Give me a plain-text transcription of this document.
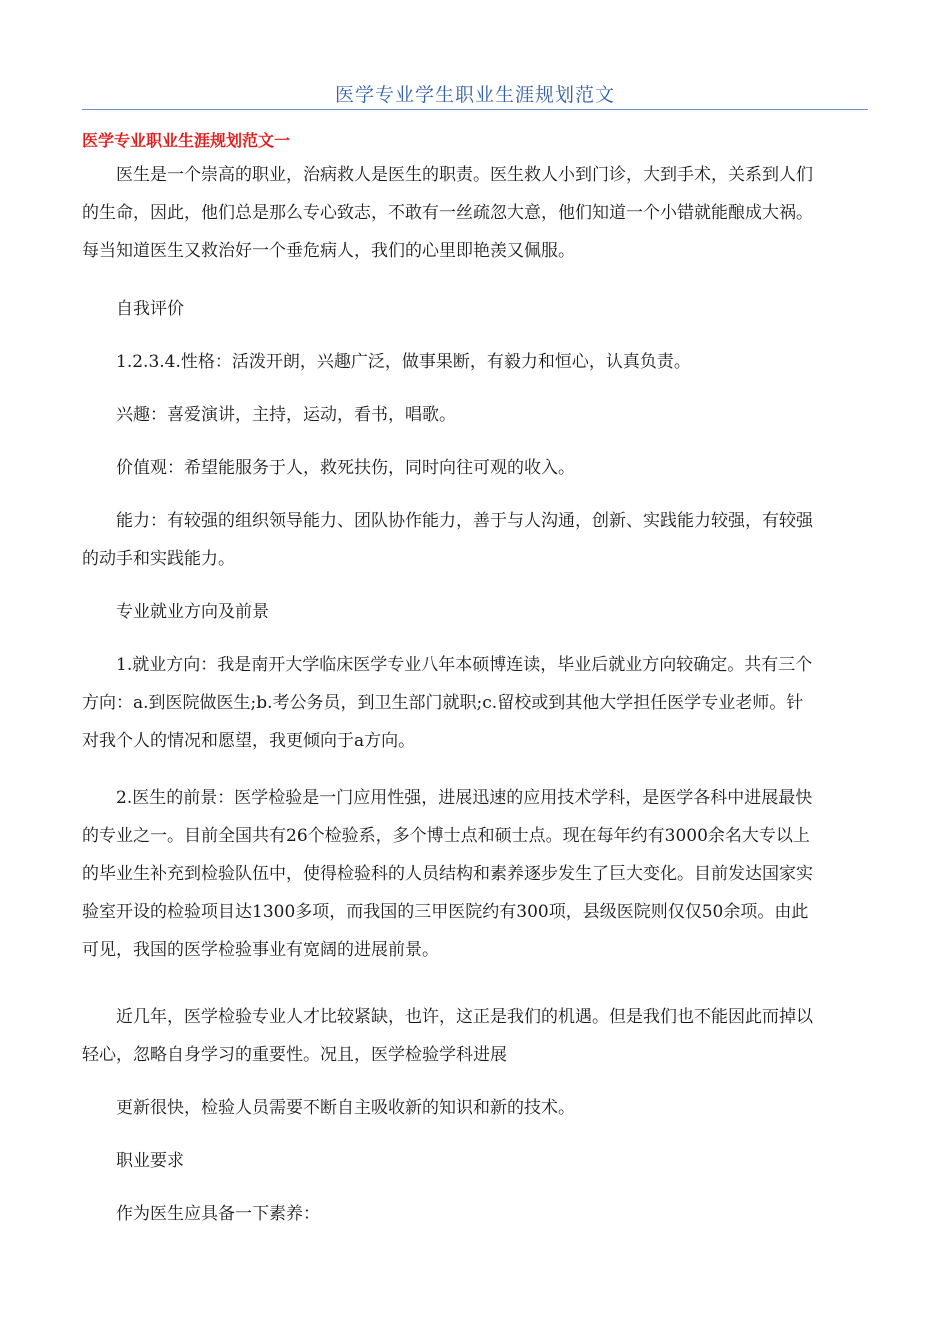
医学专业学生职业生涯规划范文
医学专业职业生涯规划范文一
医生是一个崇高的职业，治病救人是医生的职责。医生救人小到门诊，大到手术，关系到人们
的生命，因此，他们总是那么专心致志，不敢有一丝疏忽大意，他们知道一个小错就能酿成大祸。
每当知道医生又救治好一个垂危病人，我们的心里即艳羡又佩服。
自我评价
1.2.3.4.性格：活泼开朗，兴趣广泛，做事果断，有毅力和恒心，认真负责。
兴趣：喜爱演讲，主持，运动，看书，唱歌。
价值观：希望能服务于人，救死扶伤，同时向往可观的收入。
能力：有较强的组织领导能力、团队协作能力，善于与人沟通，创新、实践能力较强，有较强
的动手和实践能力。
专业就业方向及前景
1.就业方向：我是南开大学临床医学专业八年本硕博连读，毕业后就业方向较确定。共有三个
方向：a.到医院做医生;b.考公务员，到卫生部门就职;c.留校或到其他大学担任医学专业老师。针
对我个人的情况和愿望，我更倾向于a方向。
2.医生的前景：医学检验是一门应用性强，进展迅速的应用技术学科，是医学各科中进展最快
的专业之一。目前全国共有26个检验系，多个博士点和硕士点。现在每年约有3000余名大专以上
的毕业生补充到检验队伍中，使得检验科的人员结构和素养逐步发生了巨大变化。目前发达国家实
验室开设的检验项目达1300多项，而我国的三甲医院约有300项，县级医院则仅仅50余项。由此
可见，我国的医学检验事业有宽阔的进展前景。
近几年，医学检验专业人才比较紧缺，也许，这正是我们的机遇。但是我们也不能因此而掉以
轻心，忽略自身学习的重要性。况且，医学检验学科进展
更新很快，检验人员需要不断自主吸收新的知识和新的技术。
职业要求
作为医生应具备一下素养：
